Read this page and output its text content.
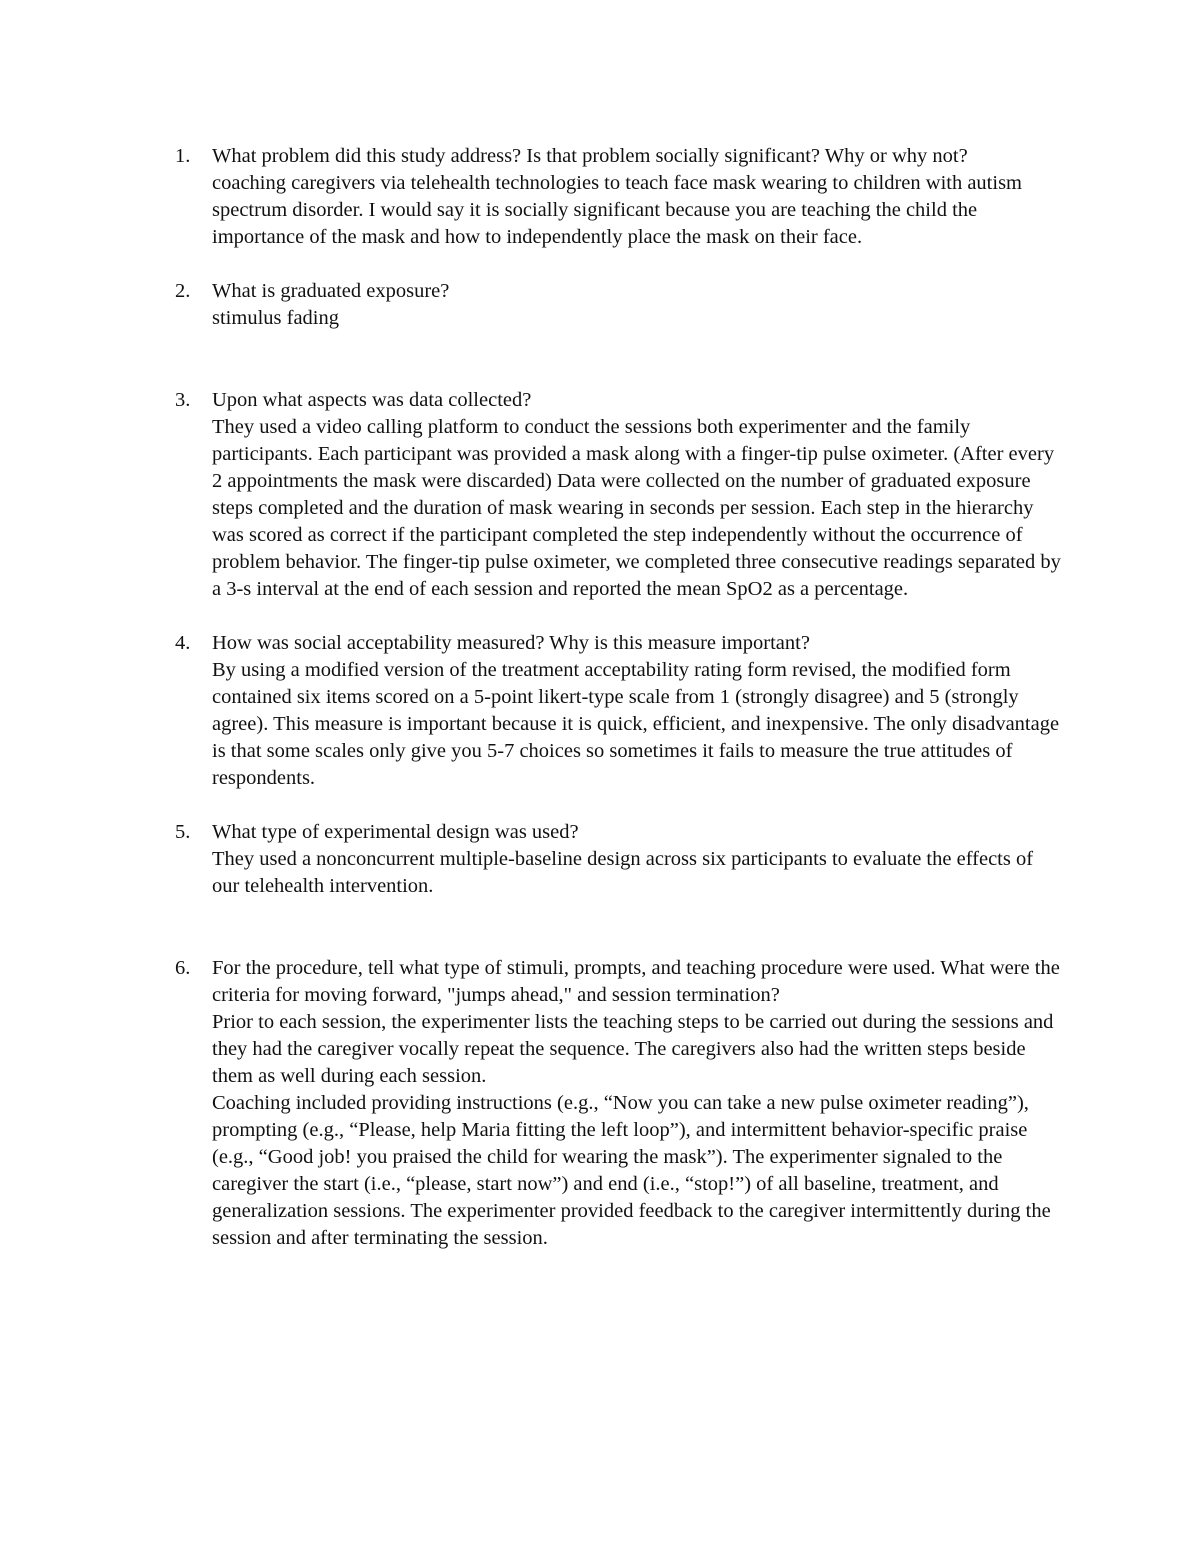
1.	What problem did this study address? Is that problem socially significant? Why or why not?

coaching caregivers via telehealth technologies to teach face mask wearing to children with autism spectrum disorder. I would say it is socially significant because you are teaching the child the importance of the mask and how to independently place the mask on their face.

2.	What is graduated exposure?

stimulus fading

3.	Upon what aspects was data collected?

They used a video calling platform to conduct the sessions both experimenter and the family participants. Each participant was provided a mask along with a finger-tip pulse oximeter. (After every 2 appointments the mask were discarded) Data were collected on the number of graduated exposure steps completed and the duration of mask wearing in seconds per session. Each step in the hierarchy was scored as correct if the participant completed the step independently without the occurrence of problem behavior. The finger-tip pulse oximeter, we completed three consecutive readings separated by a 3-s interval at the end of each session and reported the mean SpO2 as a percentage.

4.	How was social acceptability measured? Why is this measure important?

By using a modified version of the treatment acceptability rating form revised, the modified form contained six items scored on a 5-point likert-type scale from 1 (strongly disagree) and 5 (strongly agree). This measure is important because it is quick, efficient, and inexpensive. The only disadvantage is that some scales only give you 5-7 choices so sometimes it fails to measure the true attitudes of respondents.

5.	What type of experimental design was used?

They used a nonconcurrent multiple-baseline design across six participants to evaluate the effects of our telehealth intervention.

6.	For the procedure, tell what type of stimuli, prompts, and teaching procedure were used. What were the criteria for moving forward, "jumps ahead," and session termination?

Prior to each session, the experimenter lists the teaching steps to be carried out during the sessions and they had the caregiver vocally repeat the sequence. The caregivers also had the written steps beside them as well during each session.

Coaching included providing instructions (e.g., “Now you can take a new pulse oximeter reading”), prompting (e.g., “Please, help Maria fitting the left loop”), and intermittent behavior-specific praise (e.g., “Good job! you praised the child for wearing the mask”). The experimenter signaled to the caregiver the start (i.e., “please, start now”) and end (i.e., “stop!”) of all baseline, treatment, and generalization sessions. The experimenter provided feedback to the caregiver intermittently during the session and after terminating the session.
